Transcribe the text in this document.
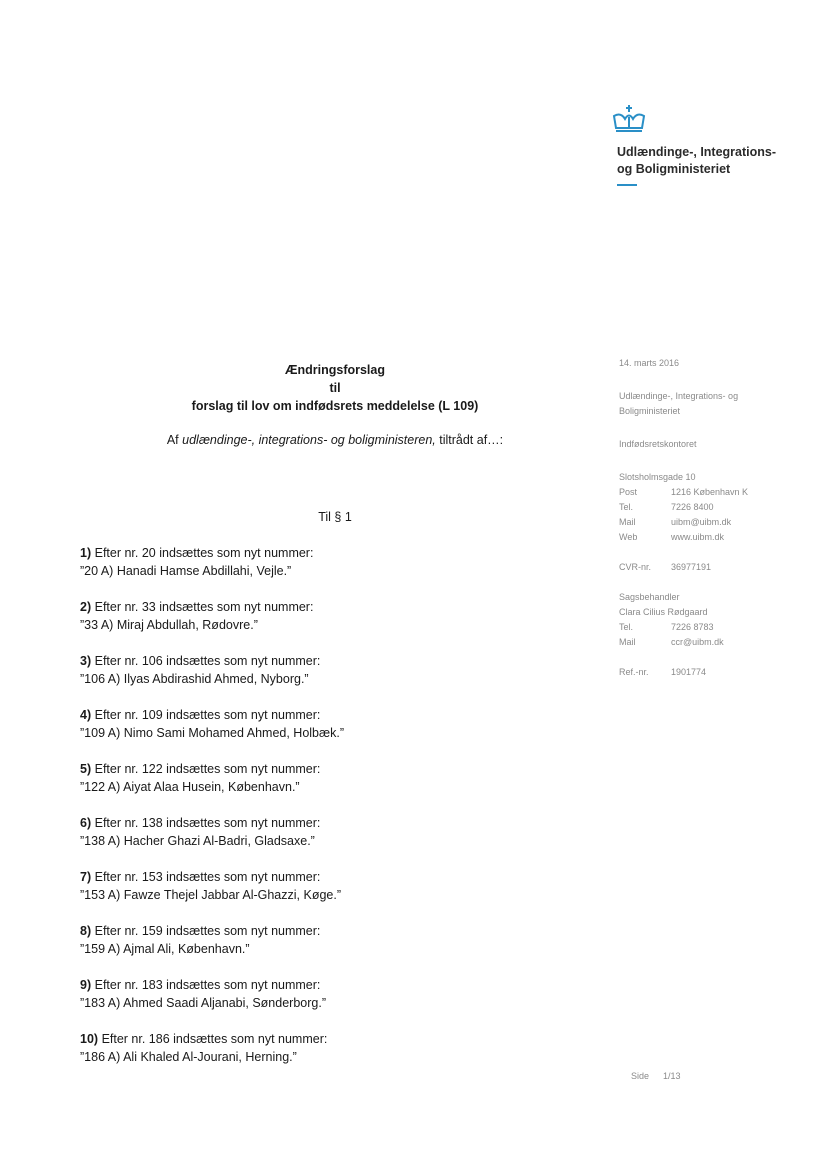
Udlændinge-, Integrations-
og Boligministeriet
Ændringsforslag
til
forslag til lov om indfødsrets meddelelse (L 109)
Af udlændinge-, integrations- og boligministeren, tiltrådt af…:
Til § 1
1) Efter nr. 20 indsættes som nyt nummer:
”20 A) Hanadi Hamse Abdillahi, Vejle.”
2) Efter nr. 33 indsættes som nyt nummer:
”33 A) Miraj Abdullah, Rødovre.”
3) Efter nr. 106 indsættes som nyt nummer:
”106 A) Ilyas Abdirashid Ahmed, Nyborg.”
4) Efter nr. 109 indsættes som nyt nummer:
”109 A) Nimo Sami Mohamed Ahmed, Holbæk.”
5) Efter nr. 122 indsættes som nyt nummer:
”122 A) Aiyat Alaa Husein, København.”
6) Efter nr. 138 indsættes som nyt nummer:
”138 A) Hacher Ghazi Al-Badri, Gladsaxe.”
7) Efter nr. 153 indsættes som nyt nummer:
”153 A) Fawze Thejel Jabbar Al-Ghazzi, Køge.”
8) Efter nr. 159 indsættes som nyt nummer:
”159 A) Ajmal Ali, København.”
9) Efter nr. 183 indsættes som nyt nummer:
”183 A) Ahmed Saadi Aljanabi, Sønderborg.”
10) Efter nr. 186 indsættes som nyt nummer:
”186 A) Ali Khaled Al-Jourani, Herning.”
14. marts 2016
Udlændinge-, Integrations- og
Boligministeriet
Indfødsretskontoret
Slotsholmsgade 10
Post	1216 København K
Tel.	7226 8400
Mail	uibm@uibm.dk
Web	www.uibm.dk
CVR-nr.	36977191
Sagsbehandler
Clara Cilius Rødgaard
Tel.	7226 8783
Mail	ccr@uibm.dk
Ref.-nr.	1901774
Side 1/13
